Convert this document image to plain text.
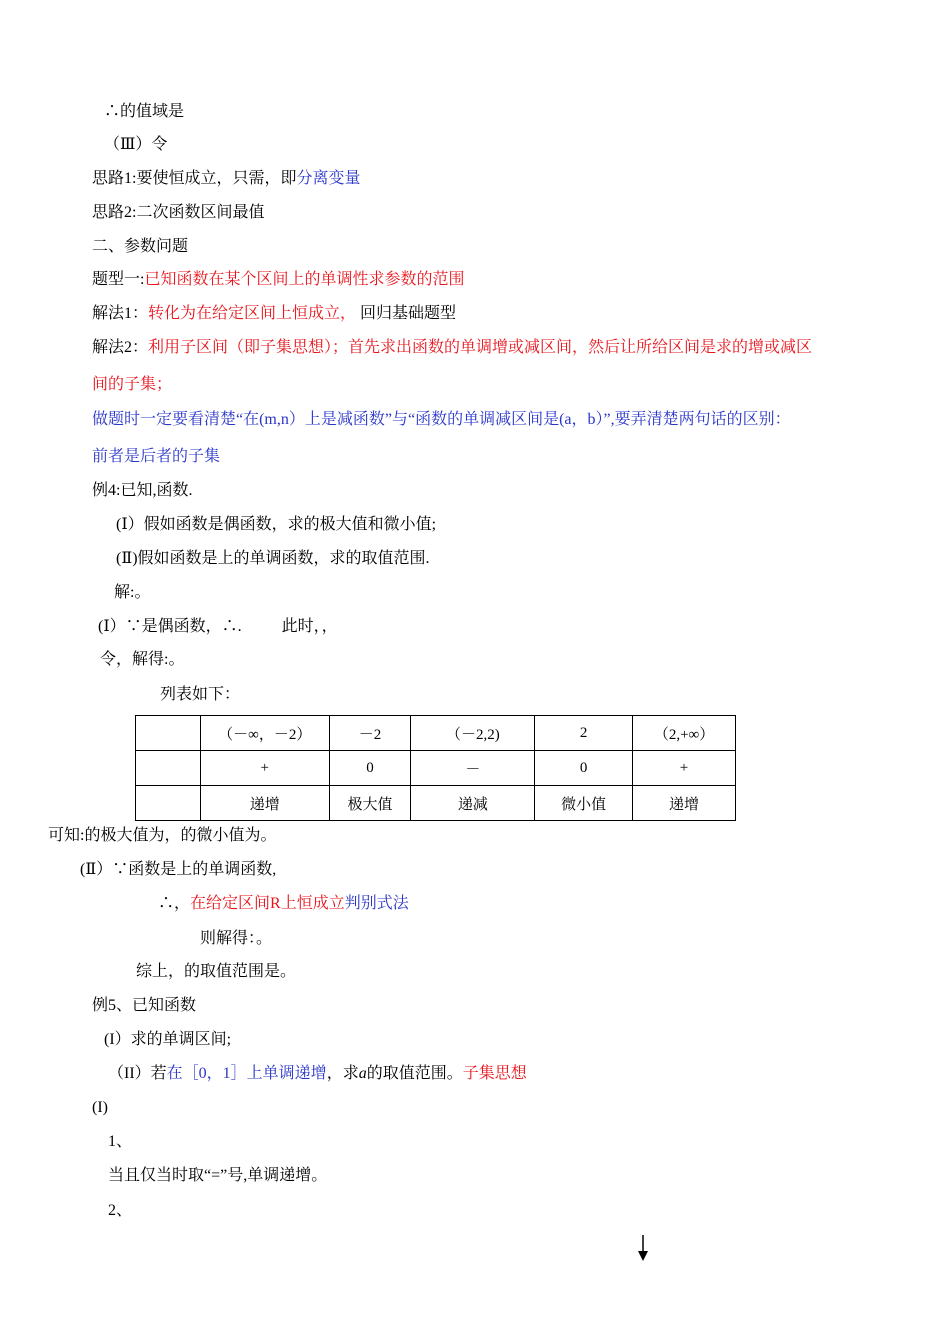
∴的值域是
（Ⅲ）令
思路1:要使恒成立，只需，即分离变量
思路2:二次函数区间最值
二、参数问题
题型一:已知函数在某个区间上的单调性求参数的范围
解法1：转化为在给定区间上恒成立， 回归基础题型
解法2：利用子区间（即子集思想）；首先求出函数的单调增或减区间，然后让所给区间是求的增或减区
间的子集；
做题时一定要看清楚“在(m,n）上是减函数”与“函数的单调减区间是(a，b）”,要弄清楚两句话的区别：
前者是后者的子集
例4:已知,函数.
(Ⅰ）假如函数是偶函数，求的极大值和微小值;
(Ⅱ)假如函数是上的单调函数，求的取值范围.
解:。
(Ⅰ）∵是偶函数，∴.	此时，，
令，解得:。
列表如下：
	（－∞，－2）	－2	（－2,2)	2	（2,+∞）
	+	0	－	0	+
	递增	极大值	递减	微小值	递增
可知:的极大值为，的微小值为。
(Ⅱ）∵函数是上的单调函数,
∴，在给定区间R上恒成立判别式法
则解得：。
综上，的取值范围是。
例5、已知函数
(I）求的单调区间;
（II）若在［0，1］上单调递增，求a的取值范围。子集思想
(I)
1、
当且仅当时取“=”号,单调递增。
2、
